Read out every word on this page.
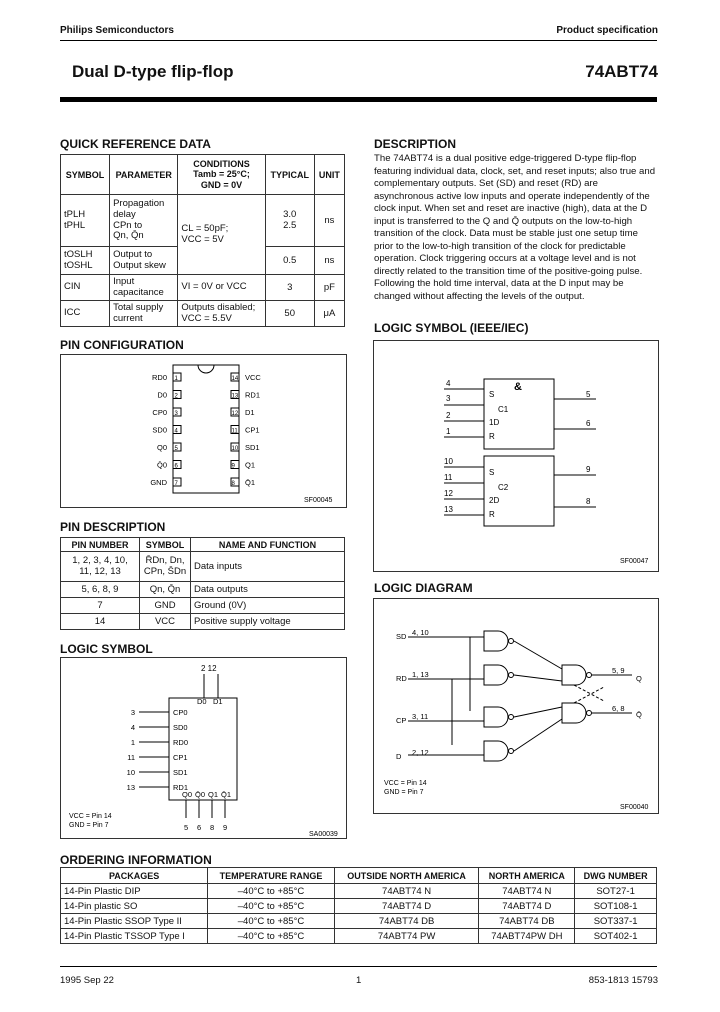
Philips Semiconductors	Product specification
Dual D-type flip-flop	74ABT74
QUICK REFERENCE DATA
SYMBOL	PARAMETER	CONDITIONS
Tamb = 25°C;
GND = 0V	TYPICAL	UNIT
tPLH
tPHL	Propagation
delay
CPn to
Qn, Q̄n	CL = 50pF;
VCC = 5V	3.0
2.5	ns
tOSLH
tOSHL	Output to
Output skew		0.5	ns
CIN	Input
capacitance	VI = 0V or VCC	3	pF
ICC	Total supply
current	Outputs disabled;
VCC = 5.5V	50	μA
DESCRIPTION
The 74ABT74 is a dual positive edge-triggered D-type flip-flop featuring individual data, clock, set, and reset inputs; also true and complementary outputs. Set (SD) and reset (RD) are asynchronous active low inputs and operate independently of the clock input. When set and reset are inactive (high), data at the D input is transferred to the Q and Q̄ outputs on the low-to-high transition of the clock. Data must be stable just one setup time prior to the low-to-high transition of the clock for predictable operation. Clock triggering occurs at a voltage level and is not directly related to the transition time of the positive-going pulse. Following the hold time interval, data at the D input may be changed without affecting the levels of the output.
LOGIC SYMBOL (IEEE/IEC)
&
S
C1
1D
R
S
C2
2D
R
4
3
2
1
10
11
12
13
5
6
9
8
SF00047
PIN CONFIGURATION
1
RD0
2
D0
3
CP0
4
SD0
5
Q0
6
Q̄0
7
GND
14 VCC
13 RD1
12 D1
11 CP1
10 SD1
9 Q1
8 Q̄1
SF00045
PIN DESCRIPTION
PIN NUMBER	SYMBOL	NAME AND FUNCTION
1, 2, 3, 4, 10,
11, 12, 13	R̄Dn, Dn,
CPn, S̄Dn	Data inputs
5, 6, 8, 9	Qn, Q̄n	Data outputs
7	GND	Ground (0V)
14	VCC	Positive supply voltage
LOGIC SYMBOL
2 12
D0 D1
3	CP0
4	SD0
1	RD0
11	CP1
10	SD1
13	RD1
Q0
5
Q̄0
6
Q1
8
Q̄1
9
VCC = Pin 14
GND = Pin 7
SA00039
LOGIC DIAGRAM
SD 4, 10
RD 1, 13
CP 3, 11
D 2, 12
Q
5, 9
Q̄
6, 8
VCC = Pin 14
GND = Pin 7
SF00040
ORDERING INFORMATION
PACKAGES	TEMPERATURE RANGE	OUTSIDE NORTH AMERICA	NORTH AMERICA	DWG NUMBER
14-Pin Plastic DIP	–40°C to +85°C	74ABT74 N	74ABT74 N	SOT27-1
14-Pin plastic SO	–40°C to +85°C	74ABT74 D	74ABT74 D	SOT108-1
14-Pin Plastic SSOP Type II	–40°C to +85°C	74ABT74 DB	74ABT74 DB	SOT337-1
14-Pin Plastic TSSOP Type I	–40°C to +85°C	74ABT74 PW	74ABT74PW DH	SOT402-1
1995 Sep 22	1	853-1813 15793
